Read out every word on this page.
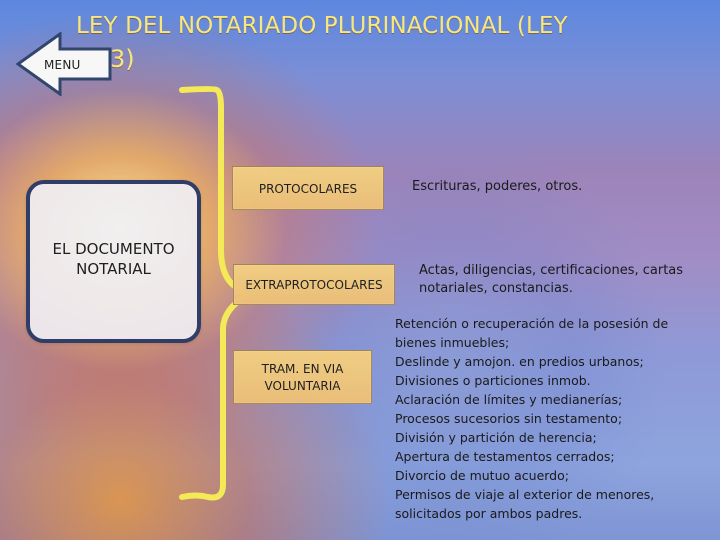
LEY DEL NOTARIADO PLURINACIONAL (LEY
3)
MENU
EL DOCUMENTO
NOTARIAL
PROTOCOLARES	Escrituras, poderes, otros.
EXTRAPROTOCOLARES
Actas, diligencias, certificaciones, cartas notariales, constancias.
TRAM. EN VIA
VOLUNTARIA
Retención o recuperación de la posesión de bienes inmuebles;
Deslinde y amojon. en predios urbanos;
Divisiones o particiones inmob.
Aclaración de límites y medianerías;
Procesos sucesorios sin testamento;
División y partición de herencia;
Apertura de testamentos cerrados;
Divorcio de mutuo acuerdo;
Permisos de viaje al exterior de menores, solicitados por ambos padres.
